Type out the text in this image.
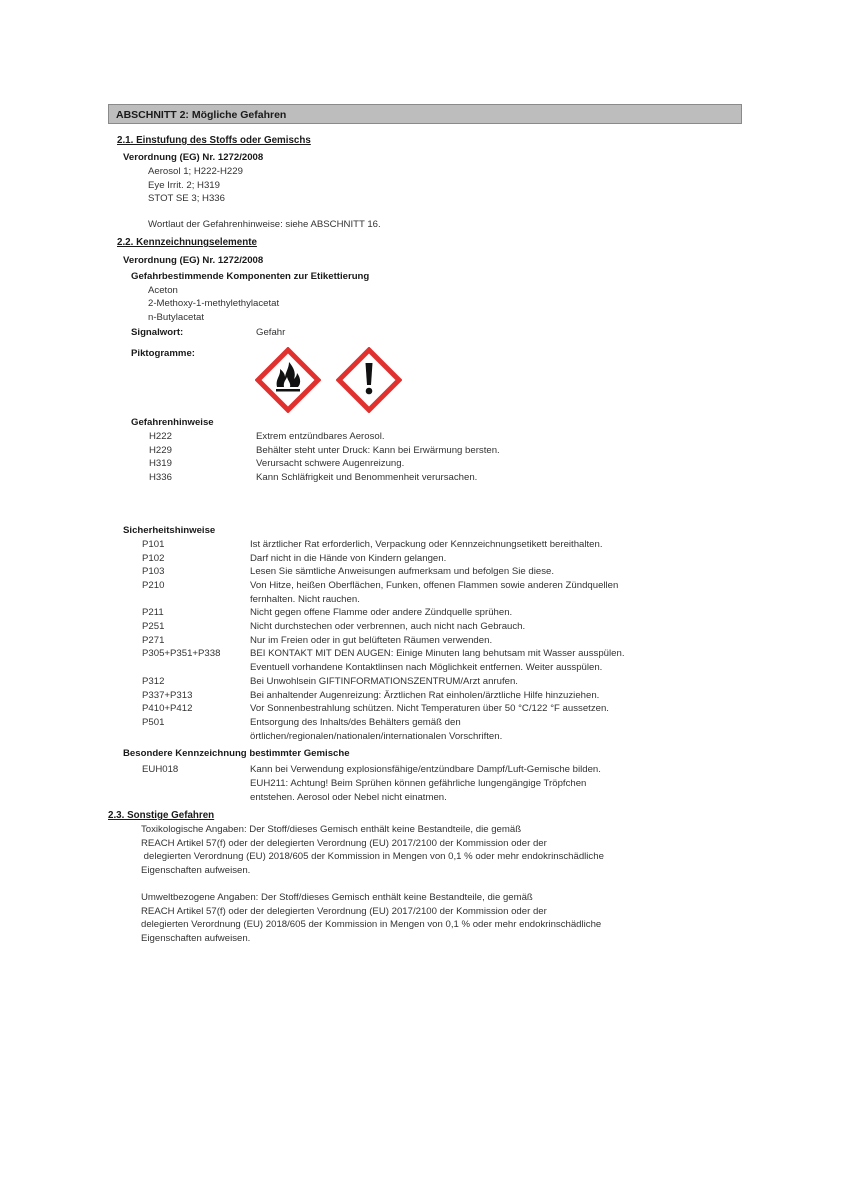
ABSCHNITT 2: Mögliche Gefahren
2.1. Einstufung des Stoffs oder Gemischs
Verordnung (EG) Nr. 1272/2008
Aerosol 1; H222-H229
Eye Irrit. 2; H319
STOT SE 3; H336
Wortlaut der Gefahrenhinweise: siehe ABSCHNITT 16.
2.2. Kennzeichnungselemente
Verordnung (EG) Nr. 1272/2008
Gefahrbestimmende Komponenten zur Etikettierung
Aceton
2-Methoxy-1-methylethylacetat
n-Butylacetat
Signalwort:	Gefahr
Piktogramme:
Gefahrenhinweise
H222	Extrem entzündbares Aerosol.
H229	Behälter steht unter Druck: Kann bei Erwärmung bersten.
H319	Verursacht schwere Augenreizung.
H336	Kann Schläfrigkeit und Benommenheit verursachen.
Sicherheitshinweise
P101	Ist ärztlicher Rat erforderlich, Verpackung oder Kennzeichnungsetikett bereithalten.
P102	Darf nicht in die Hände von Kindern gelangen.
P103	Lesen Sie sämtliche Anweisungen aufmerksam und befolgen Sie diese.
P210	Von Hitze, heißen Oberflächen, Funken, offenen Flammen sowie anderen Zündquellen
fernhalten. Nicht rauchen.
P211	Nicht gegen offene Flamme oder andere Zündquelle sprühen.
P251	Nicht durchstechen oder verbrennen, auch nicht nach Gebrauch.
P271	Nur im Freien oder in gut belüfteten Räumen verwenden.
P305+P351+P338	BEI KONTAKT MIT DEN AUGEN: Einige Minuten lang behutsam mit Wasser ausspülen.
Eventuell vorhandene Kontaktlinsen nach Möglichkeit entfernen. Weiter ausspülen.
P312	Bei Unwohlsein GIFTINFORMATIONSZENTRUM/Arzt anrufen.
P337+P313	Bei anhaltender Augenreizung: Ärztlichen Rat einholen/ärztliche Hilfe hinzuziehen.
P410+P412	Vor Sonnenbestrahlung schützen. Nicht Temperaturen über 50 °C/122 °F aussetzen.
P501	Entsorgung des Inhalts/des Behälters gemäß den
örtlichen/regionalen/nationalen/internationalen Vorschriften.
Besondere Kennzeichnung bestimmter Gemische
EUH018	Kann bei Verwendung explosionsfähige/entzündbare Dampf/Luft-Gemische bilden.
EUH211: Achtung! Beim Sprühen können gefährliche lungengängige Tröpfchen
entstehen. Aerosol oder Nebel nicht einatmen.
2.3. Sonstige Gefahren
Toxikologische Angaben: Der Stoff/dieses Gemisch enthält keine Bestandteile, die gemäß
REACH Artikel 57(f) oder der delegierten Verordnung (EU) 2017/2100 der Kommission oder der
delegierten Verordnung (EU) 2018/605 der Kommission in Mengen von 0,1 % oder mehr endokrinschädliche
Eigenschaften aufweisen.
Umweltbezogene Angaben: Der Stoff/dieses Gemisch enthält keine Bestandteile, die gemäß
REACH Artikel 57(f) oder der delegierten Verordnung (EU) 2017/2100 der Kommission oder der
delegierten Verordnung (EU) 2018/605 der Kommission in Mengen von 0,1 % oder mehr endokrinschädliche
Eigenschaften aufweisen.
